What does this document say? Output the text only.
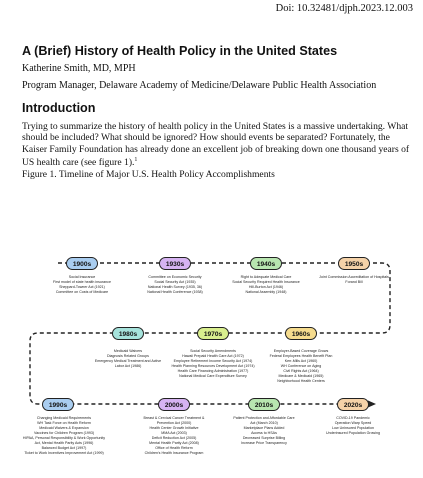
Doi: 10.32481/djph.2023.12.003
A (Brief) History of Health Policy in the United States
Katherine Smith, MD, MPH
Program Manager, Delaware Academy of Medicine/Delaware Public Health Association
Introduction

Trying to summarize the history of health policy in the United States is a massive undertaking. What should be included? What should be ignored? How should events be separated? Fortunately, the Kaiser Family Foundation has already done an excellent job of breaking down one thousand years of US health care (see figure 1).$^1$

Figure 1. Timeline of Major U.S. Health Policy Accomplishments
1900s
Social Insurance
First model of state health insurance
Sheppard-Towner Act (1921)
Committee on Costs of Medicare
1930s
Committee on Economic Security
Social Security Act (1935)
National Health Survey (1935, 36)
National Health Conference (1938)
1940s
Right to Adequate Medical Care
Social Security Required Health Insurance
Hill-Burton Act (1946)
National Assembly (1948)
1950s
Joint Commission Accreditation of Hospitals
Forand Bill
1980s
Medicaid Waivers
Diagnosis Related Groups
Emergency Medical Treatment and Active
Labor Act (1986)
1970s
Social Security Amendments
Hawaii Prepaid Health Care Act (1972)
Employee Retirement Income Security Act (1974)
Health Planning Resources Development Act (1974)
Health Care Financing Administration (1977)
National Medical Care Expenditure Survey
1960s
Employer-Based Coverage Grows
Federal Employees Health Benefit Plan
Kerr-Mills Act (1960)
WH Conference on Aging
Civil Rights Act (1964)
Medicare & Medicaid (1965)
Neighborhood Health Centers
1990s
Changing Medicaid Requirements
WH Task Force on Health Reform
Medicaid Waivers & Expansion
Vaccines for Children Program (1993)
HIPAA, Personal Responsibility & Work Opportunity
Act, Mental Health Parity Acts (1996)
Balanced Budget Act (1997)
Ticket to Work Incentives Improvement Act (1999)
2000s
Breast & Cervical Cancer Treatment &
Prevention Act (2000)
Health Center Growth Initiative
MMA Act (2003)
Deficit Reduction Act (2005)
Mental Health Parity Act (2008)
Office of Health Reform
Children's Health Insurance Program
2010s
Patient Protection and Affordable Care
Act (March 2010)
Marketplace Plans Added
Access to HSAs
Decreased Surprise Billing
Increase Price Transparency
2020s
COVID-19 Pandemic
Operation Warp Speed
Low Uninsured Population
Underinsured Population Growing
